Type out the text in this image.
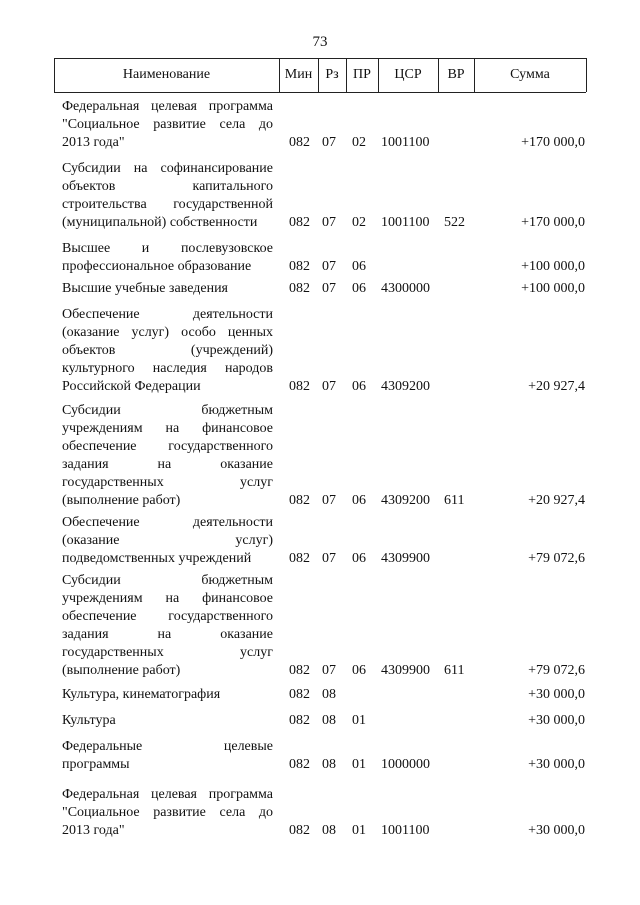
73
Наименование	Мин Рз	ПР	ЦСР	ВР	Сумма
Федеральная целевая программа
"Социальное развитие села до
2013 года"	082 07 02 1001100	+170 000,0
Субсидии на софинансирование
объектов капитального
строительства государственной
(муниципальной) собственности	082 07 02 1001100 522	+170 000,0
Высшее и послевузовское
профессиональное образование	082 07 06	+100 000,0
Высшие учебные заведения	082 07 06 4300000	+100 000,0
Обеспечение деятельности
(оказание услуг) особо ценных
объектов (учреждений)
культурного наследия народов
Российской Федерации	082 07 06 4309200	+20 927,4
Субсидии бюджетным
учреждениям на финансовое
обеспечение государственного
задания на оказание
государственных услуг
(выполнение работ)	082 07 06 4309200 611	+20 927,4
Обеспечение деятельности
(оказание услуг)
подведомственных учреждений	082 07 06 4309900	+79 072,6
Субсидии бюджетным
учреждениям на финансовое
обеспечение государственного
задания на оказание
государственных услуг
(выполнение работ)	082 07 06 4309900 611	+79 072,6
Культура, кинематография	082 08	+30 000,0
Культура	082 08 01	+30 000,0
Федеральные целевые
программы	082 08 01 1000000	+30 000,0
Федеральная целевая программа
"Социальное развитие села до
2013 года"	082 08 01 1001100	+30 000,0
